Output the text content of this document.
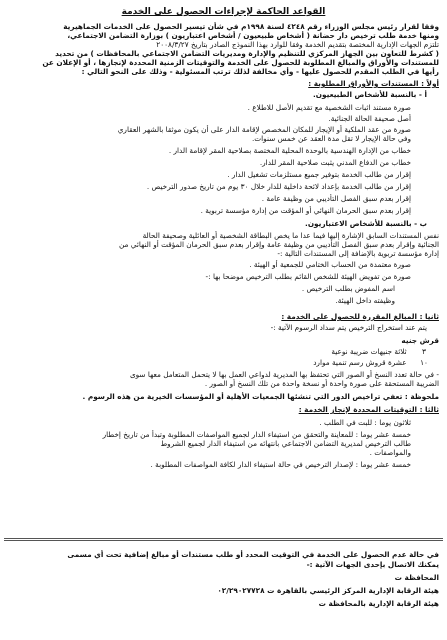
القواعد الحاكمة لإجراءات الحصول على الخدمة
وفقا لقرار رئيس مجلس الوزراء رقم ٤٢٤٨ لسنة ١٩٩٨م في شأن تيسير الحصول على الخدمات الجماهيرية
ومنها خدمة طلب ترخيص دار حضانة ( أشخاص طبيعيون / أشخاص اعتباريون ) بوزارة التضامن الاجتماعي،
تلتزم الجهات الإدارية المختصة بتقديم الخدمة وفقا للوارد بهذا النموذج الصادر بتاريخ ٢٠٠٨/٣/٢٧
( كشرط للتعاون بين الجهاز المركزي للتنظيم والإدارة ومديريات التضامن الاجتماعي بالمحافظات ) من تحديد
للمستندات والأوراق والمبالغ المطلوبة للحصول على الخدمة والتوقيتات الزمنية المحددة لإنجازها ، أو الإعلان عن
رأيها في الطلب المقدم للحصول عليها - وأي مخالفة لذلك ترتب المسئولية - وذلك على النحو التالي :
أولاً : المستندات والأوراق المطلوبة :
أ - بالنسبة للأشخاص الطبيعيون.
صورة مستند اثبات الشخصية مع تقديم الأصل للاطلاع .
أصل صحيفة الحالة الجنائية.
صورة من عقد الملكية أو الإيجار للمكان المخصص لإقامة الدار على أن يكون موثقا بالشهر العقاري
وفي حالة الإيجار لا تقل مدة العقد عن خمس سنوات.
خطاب من الإدارة الهندسية بالوحدة المحلية المختصة بصلاحية المقر لإقامة الدار .
خطاب من الدفاع المدني يثبت صلاحية المقر للدار.
إقرار من طالب الخدمة بتوفير جميع مستلزمات تشغيل الدار .
إقرار من طالب الخدمة بإعداد لائحة داخلية للدار خلال ٣٠ يوم من تاريخ صدور الترخيص .
إقرار بعدم سبق الفصل التأديبي من وظيفة عامة .
إقرار بعدم سبق الحرمان النهائي أو المؤقت من إدارة مؤسسة تربوية .
ب - بالنسبة للأشخاص الاعتباريون.
نفس المستندات السابق الإشارة إليها فيما عدا ما يخص البطاقة الشخصية أو العائلية وصحيفة الحالة
الجنائية وإقرار بعدم سبق الفصل التأديبي من وظيفة عامة وإقرار بعدم سبق الحرمان المؤقت أو النهائي من
إدارة مؤسسة تربوية بالإضافة إلى المستندات التالية :-
صورة معتمدة من الحساب الختامي للجمعية أو الهيئة .
صورة من تفويض الهيئة للشخص القائم بطلب الترخيص موضحا بها :-
اسم المفوض بطلب الترخيص .
وظيفته داخل الهيئة.
ثانيا : المبالغ المقررة للحصول على الخدمة :
يتم عند استخراج الترخيص يتم سداد الرسوم الآتية :-
قرش جنيه
٣ ثلاثة جنيهات ضريبة نوعية
١٠ عشرة قروش رسم تنمية موارد
- في حالة تعدد النسخ أو الصور التي تحتفظ بها المديرية لدواعي العمل بها لا يتحمل المتعامل معها سوى
الضريبة المستحقة على صورة واحدة أو نسخة واحدة من تلك النسخ أو الصور .
ملحوظة : تعفي تراخيص الدور التي تنشئها الجمعيات الأهلية أو المؤسسات الخيرية من هذه الرسوم .
ثالثا : التوقيتات المحددة لإنجاز الخدمة :
ثلاثون يوما : للبت في الطلب .
خمسة عشر يوما : للمعاينة والتحقق من استيفاء الدار لجميع المواصفات المطلوبة وتبدأ من تاريخ إخطار
طالب الترخيص لمديرية التضامن الاجتماعي بانتهائه من استيفاء الدار لجميع الشروط
والمواصفات .
خمسة عشر يوما : لإصدار الترخيص في حالة استيفاء الدار لكافة المواصفات المطلوبة .
في حالة عدم الحصول على الخدمة في التوقيت المحدد أو طلب مستندات أو مبالغ إضافية تحت أي مسمى
يمكنك الاتصال بإحدى الجهات الآتية :-
المحافظة ت
هيئة الرقابة الإدارية المركز الرئيسي بالقاهرة ت ٠٢/٢٩٠٢٧٧٢٨
هيئة الرقابة الإدارية بالمحافظة ت
